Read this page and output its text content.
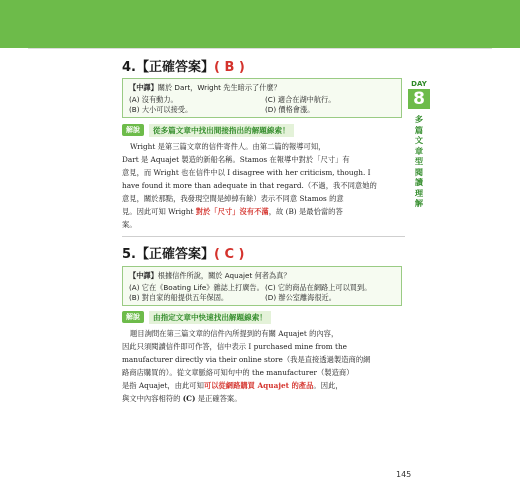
4.【正確答案】( B )
【中譯】關於 Dart，Wright 先生暗示了什麼？
(A) 沒有動力。
(B) 大小可以接受。
(C) 適合在湖中航行。
(D) 價格會漲。
解說	從多篇文章中找出間接指出的解題線索！
Wright 是第三篇文章的信件寄件人。由第二篇的報導可知，
Dart 是 Aquajet 製造的新船名稱。Stamos 在報導中對於「尺寸」有
意見，而 Wright 也在信件中以 I disagree with her criticism, though. I
have found it more than adequate in that regard.（不過，我不同意她的
意見，關於那點，我發現空間是綽綽有餘）表示不同意 Stamos 的意
見。因此可知 Wright 對於「尺寸」沒有不滿，故 (B) 是最恰當的答
案。
5.【正確答案】( C )
【中譯】根據信件所說，關於 Aquajet 何者為真？
(A) 它在《Boating Life》雜誌上打廣告。
(B) 對自家的船提供五年保固。
(C) 它的商品在網路上可以買到。
(D) 辦公室離海很近。
解說	由指定文章中快速找出解題線索！
題目詢問在第三篇文章的信件內所提到的有關 Aquajet 的內容，
因此只須閱讀信件即可作答，信中表示 I purchased mine from the
manufacturer directly via their online store（我是直接透過製造商的網
路商店購買的）。從文章脈絡可知句中的 the manufacturer（製造商）
是指 Aquajet，由此可知可以從網路購買 Aquajet 的產品。因此，
與文中內容相符的 (C) 是正確答案。
DAY
8
多篇文章型閱讀理解
145
